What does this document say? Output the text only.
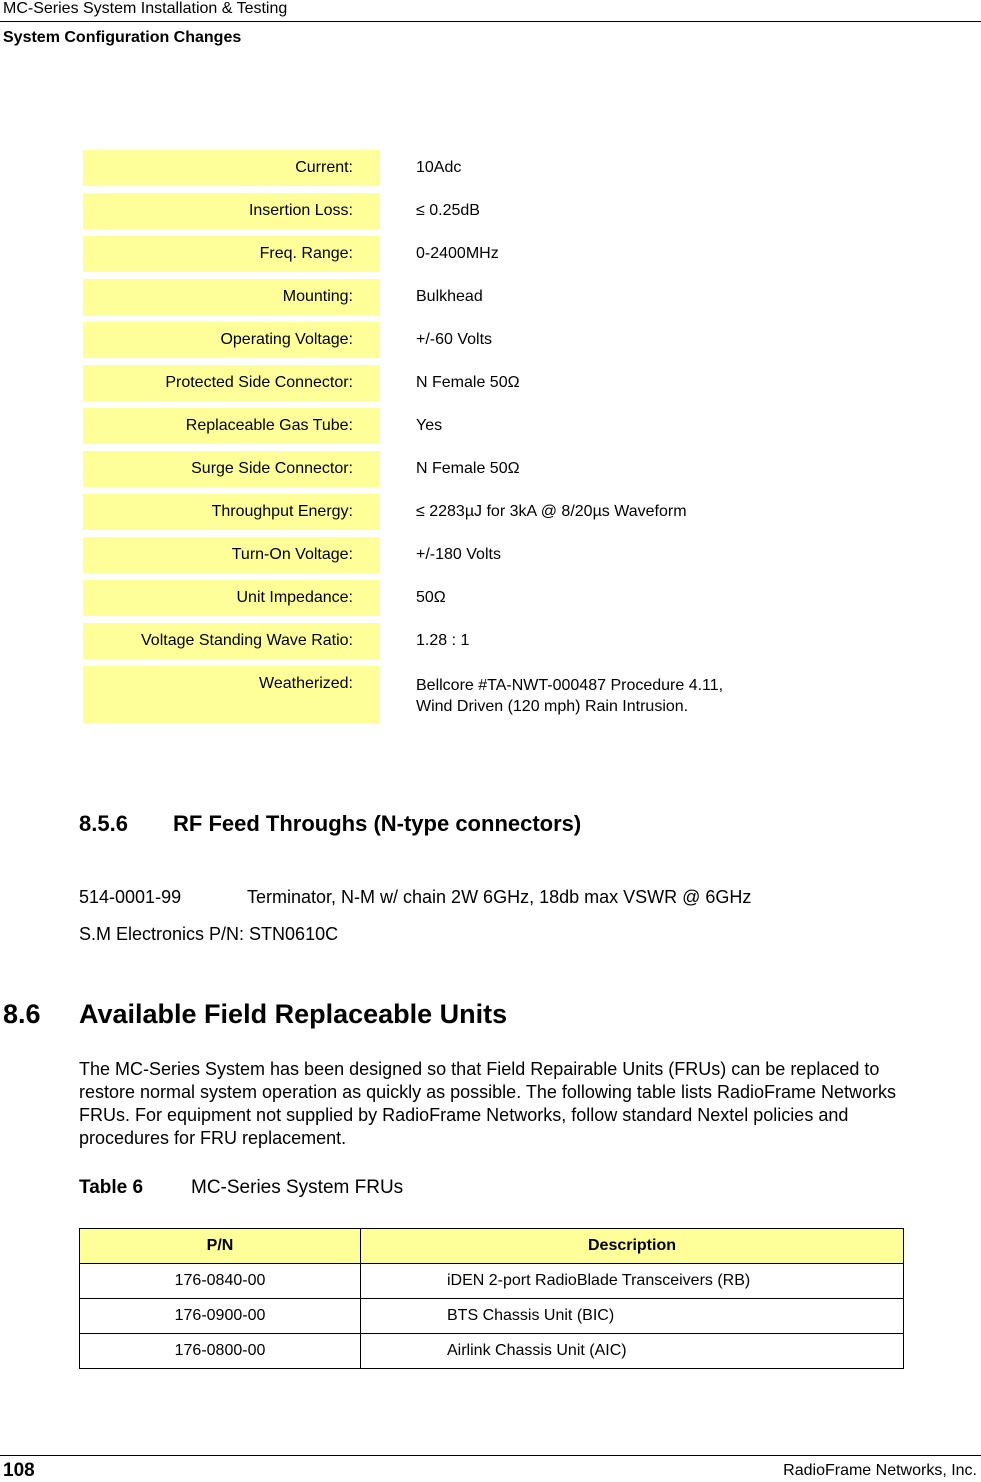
MC-Series System Installation & Testing
System Configuration Changes
Current:	10Adc
Insertion Loss:	≤ 0.25dB
Freq. Range:	0-2400MHz
Mounting:	Bulkhead
Operating Voltage:	+/-60 Volts
Protected Side Connector:	N Female 50Ω
Replaceable Gas Tube:	Yes
Surge Side Connector:	N Female 50Ω
Throughput Energy:	≤ 2283µJ for 3kA @ 8/20µs Waveform
Turn-On Voltage:	+/-180 Volts
Unit Impedance:	50Ω
Voltage Standing Wave Ratio:	1.28 : 1
Weatherized:	Bellcore #TA-NWT-000487 Procedure 4.11,
Wind Driven (120 mph) Rain Intrusion.
8.5.6 RF Feed Throughs (N-type connectors)
514-0001-99	Terminator, N-M w/ chain 2W 6GHz, 18db max VSWR @ 6GHz
S.M Electronics P/N: STN0610C
8.6 Available Field Replaceable Units
The MC-Series System has been designed so that Field Repairable Units (FRUs) can be replaced to restore normal system operation as quickly as possible. The following table lists RadioFrame Networks FRUs. For equipment not supplied by RadioFrame Networks, follow standard Nextel policies and procedures for FRU replacement.
Table 6	MC-Series System FRUs
P/N	Description
176-0840-00	iDEN 2-port RadioBlade Transceivers (RB)
176-0900-00	BTS Chassis Unit (BIC)
176-0800-00	Airlink Chassis Unit (AIC)
108	RadioFrame Networks, Inc.
